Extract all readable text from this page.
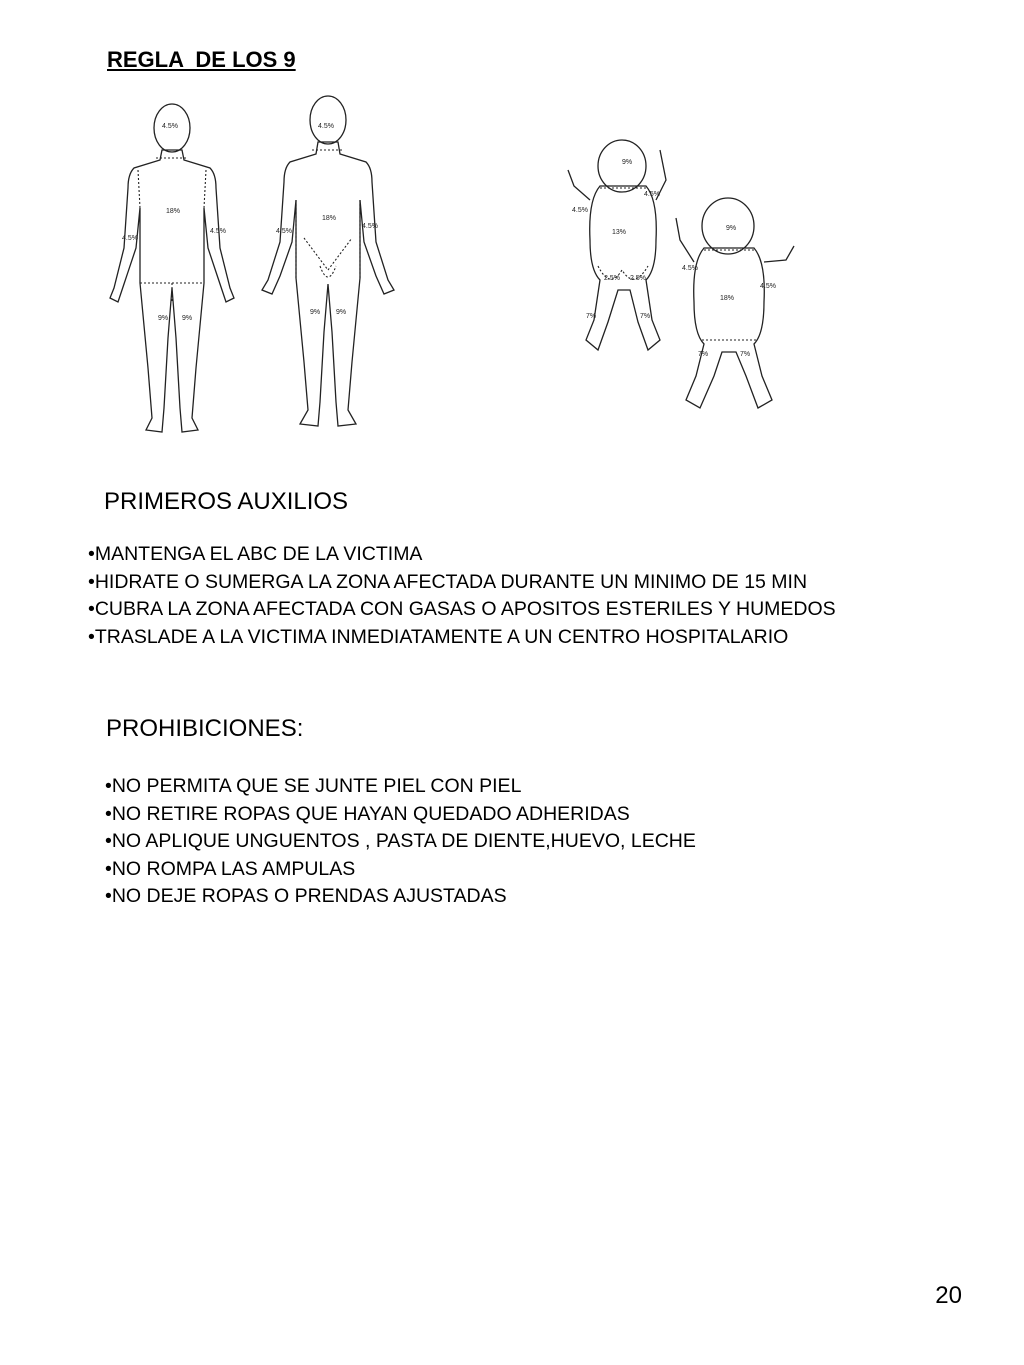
REGLA  DE LOS 9
4.5%	4.5%
18%
18%
4.5%
4.5%	4.5%
4.5%
9% 9%
9% 9%
9%
4.5%
4.5%
13%
2.5% 2.5%
7%	7%
9%
4.5%
4.5%
18%
7%	7%
PRIMEROS AUXILIOS
•MANTENGA EL ABC DE LA VICTIMA
•HIDRATE O SUMERGA LA ZONA AFECTADA DURANTE UN MINIMO DE 15 MIN
•CUBRA LA ZONA AFECTADA CON GASAS O APOSITOS ESTERILES Y HUMEDOS
•TRASLADE A LA VICTIMA INMEDIATAMENTE A UN CENTRO HOSPITALARIO
PROHIBICIONES:
•NO PERMITA QUE SE JUNTE PIEL CON PIEL
•NO RETIRE ROPAS QUE HAYAN QUEDADO ADHERIDAS
•NO APLIQUE UNGUENTOS , PASTA DE DIENTE,HUEVO, LECHE
•NO ROMPA LAS AMPULAS
•NO DEJE ROPAS O PRENDAS AJUSTADAS
20
